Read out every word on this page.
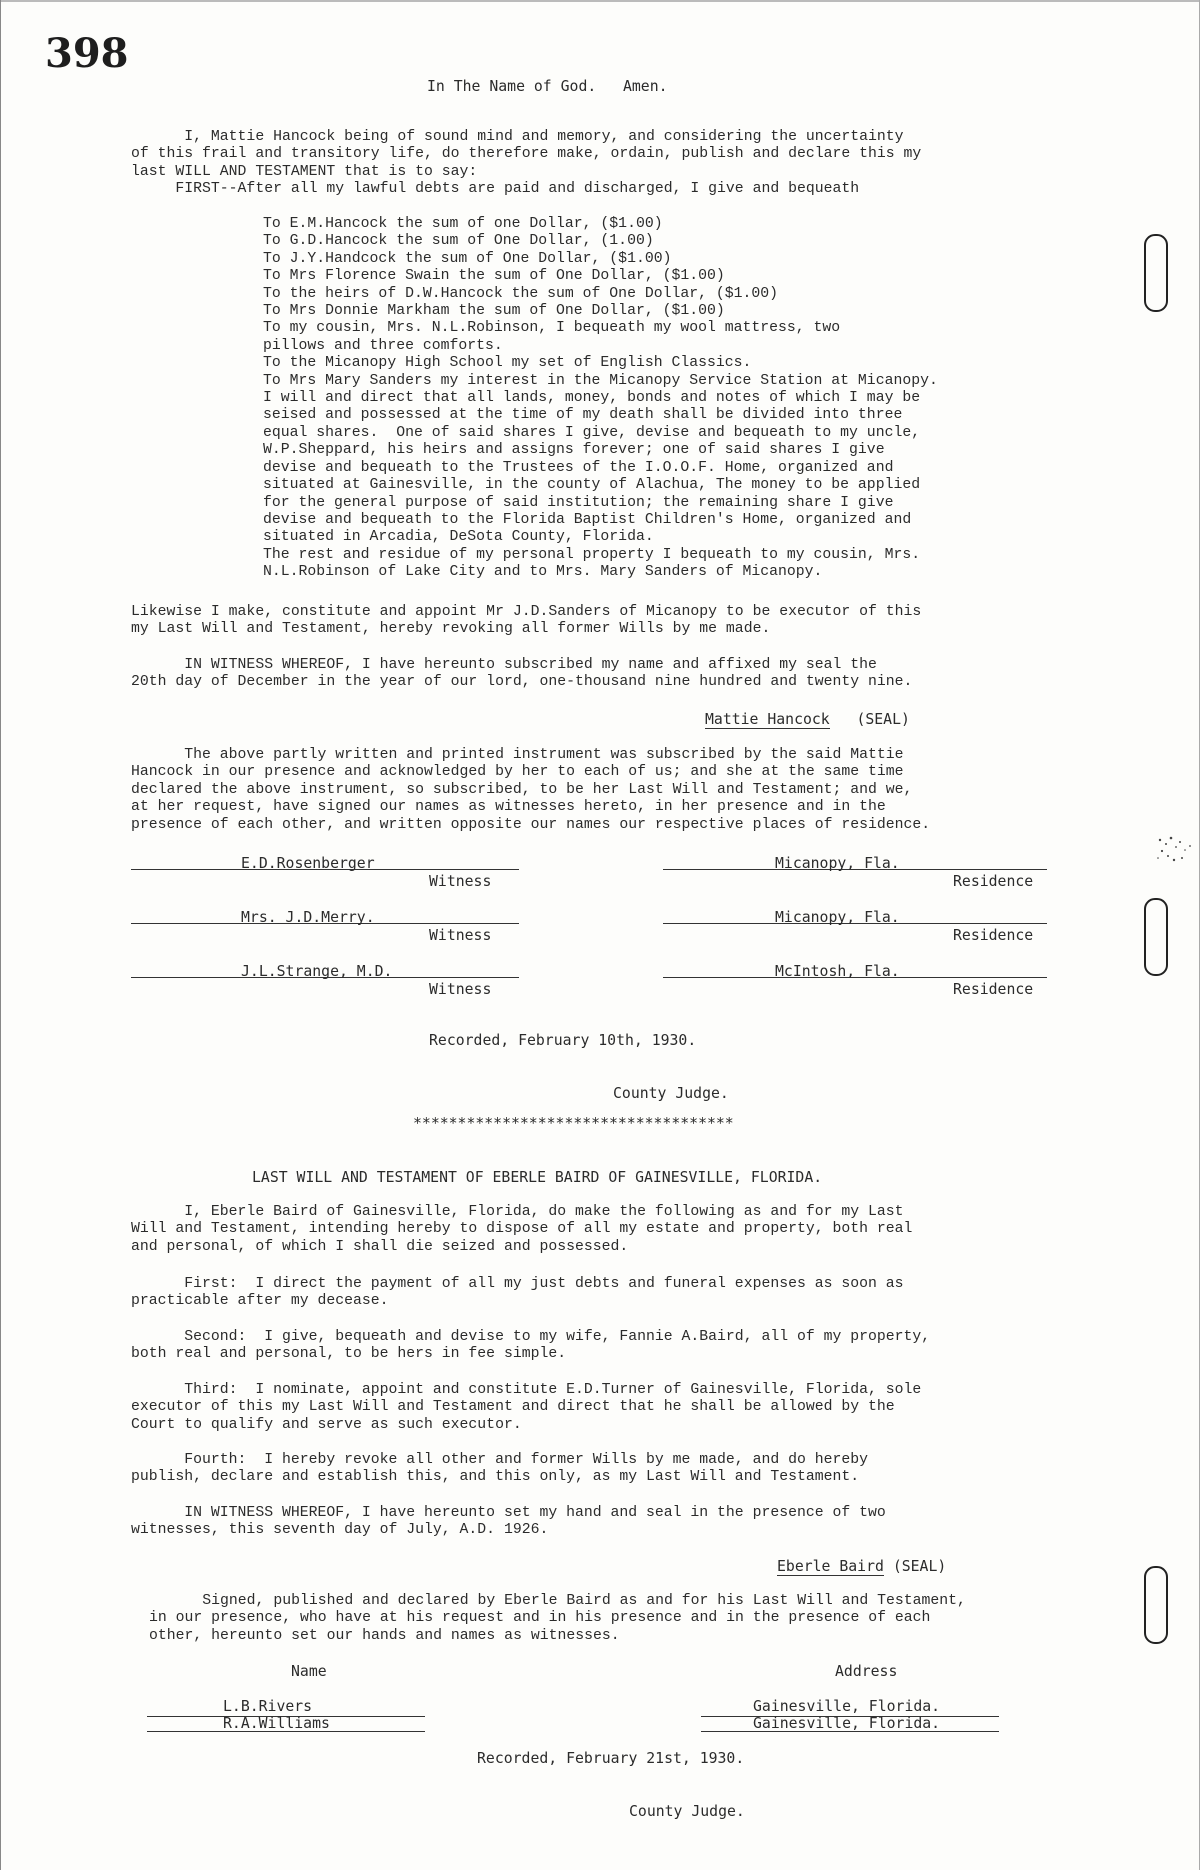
398
In The Name of God.   Amen.
I, Mattie Hancock being of sound mind and memory, and considering the uncertainty
of this frail and transitory life, do therefore make, ordain, publish and declare this my
last WILL AND TESTAMENT that is to say:
FIRST--After all my lawful debts are paid and discharged, I give and bequeath
To E.M.Hancock the sum of one Dollar, ($1.00)
To G.D.Hancock the sum of One Dollar, (1.00)
To J.Y.Handcock the sum of One Dollar, ($1.00)
To Mrs Florence Swain the sum of One Dollar, ($1.00)
To the heirs of D.W.Hancock the sum of One Dollar, ($1.00)
To Mrs Donnie Markham the sum of One Dollar, ($1.00)
To my cousin, Mrs. N.L.Robinson, I bequeath my wool mattress, two
pillows and three comforts.
To the Micanopy High School my set of English Classics.
To Mrs Mary Sanders my interest in the Micanopy Service Station at Micanopy.
I will and direct that all lands, money, bonds and notes of which I may be
seised and possessed at the time of my death shall be divided into three
equal shares.  One of said shares I give, devise and bequeath to my uncle,
W.P.Sheppard, his heirs and assigns forever; one of said shares I give
devise and bequeath to the Trustees of the I.O.O.F. Home, organized and
situated at Gainesville, in the county of Alachua, The money to be applied
for the general purpose of said institution; the remaining share I give
devise and bequeath to the Florida Baptist Children's Home, organized and
situated in Arcadia, DeSota County, Florida.
The rest and residue of my personal property I bequeath to my cousin, Mrs.
N.L.Robinson of Lake City and to Mrs. Mary Sanders of Micanopy.
Likewise I make, constitute and appoint Mr J.D.Sanders of Micanopy to be executor of this
my Last Will and Testament, hereby revoking all former Wills by me made.
IN WITNESS WHEREOF, I have hereunto subscribed my name and affixed my seal the
20th day of December in the year of our lord, one-thousand nine hundred and twenty nine.
Mattie Hancock (SEAL)
The above partly written and printed instrument was subscribed by the said Mattie
Hancock in our presence and acknowledged by her to each of us; and she at the same time
declared the above instrument, so subscribed, to be her Last Will and Testament; and we,
at her request, have signed our names as witnesses hereto, in her presence and in the
presence of each other, and written opposite our names our respective places of residence.
E.D.Rosenberger
Witness
Micanopy, Fla.
Residence
Mrs. J.D.Merry.
Witness
Micanopy, Fla.
Residence
J.L.Strange, M.D.
Witness
McIntosh, Fla.
Residence
Recorded, February 10th, 1930.
County Judge.
************************************
LAST WILL AND TESTAMENT OF EBERLE BAIRD OF GAINESVILLE, FLORIDA.
I, Eberle Baird of Gainesville, Florida, do make the following as and for my Last
Will and Testament, intending hereby to dispose of all my estate and property, both real
and personal, of which I shall die seized and possessed.
First:  I direct the payment of all my just debts and funeral expenses as soon as
practicable after my decease.
Second:  I give, bequeath and devise to my wife, Fannie A.Baird, all of my property,
both real and personal, to be hers in fee simple.
Third:  I nominate, appoint and constitute E.D.Turner of Gainesville, Florida, sole
executor of this my Last Will and Testament and direct that he shall be allowed by the
Court to qualify and serve as such executor.
Fourth:  I hereby revoke all other and former Wills by me made, and do hereby
publish, declare and establish this, and this only, as my Last Will and Testament.
IN WITNESS WHEREOF, I have hereunto set my hand and seal in the presence of two
witnesses, this seventh day of July, A.D. 1926.
Eberle Baird (SEAL)
Signed, published and declared by Eberle Baird as and for his Last Will and Testament,
in our presence, who have at his request and in his presence and in the presence of each
other, hereunto set our hands and names as witnesses.
Name	Address
L.B.Rivers	Gainesville, Florida.
R.A.Williams	Gainesville, Florida.
Recorded, February 21st, 1930.
County Judge.
